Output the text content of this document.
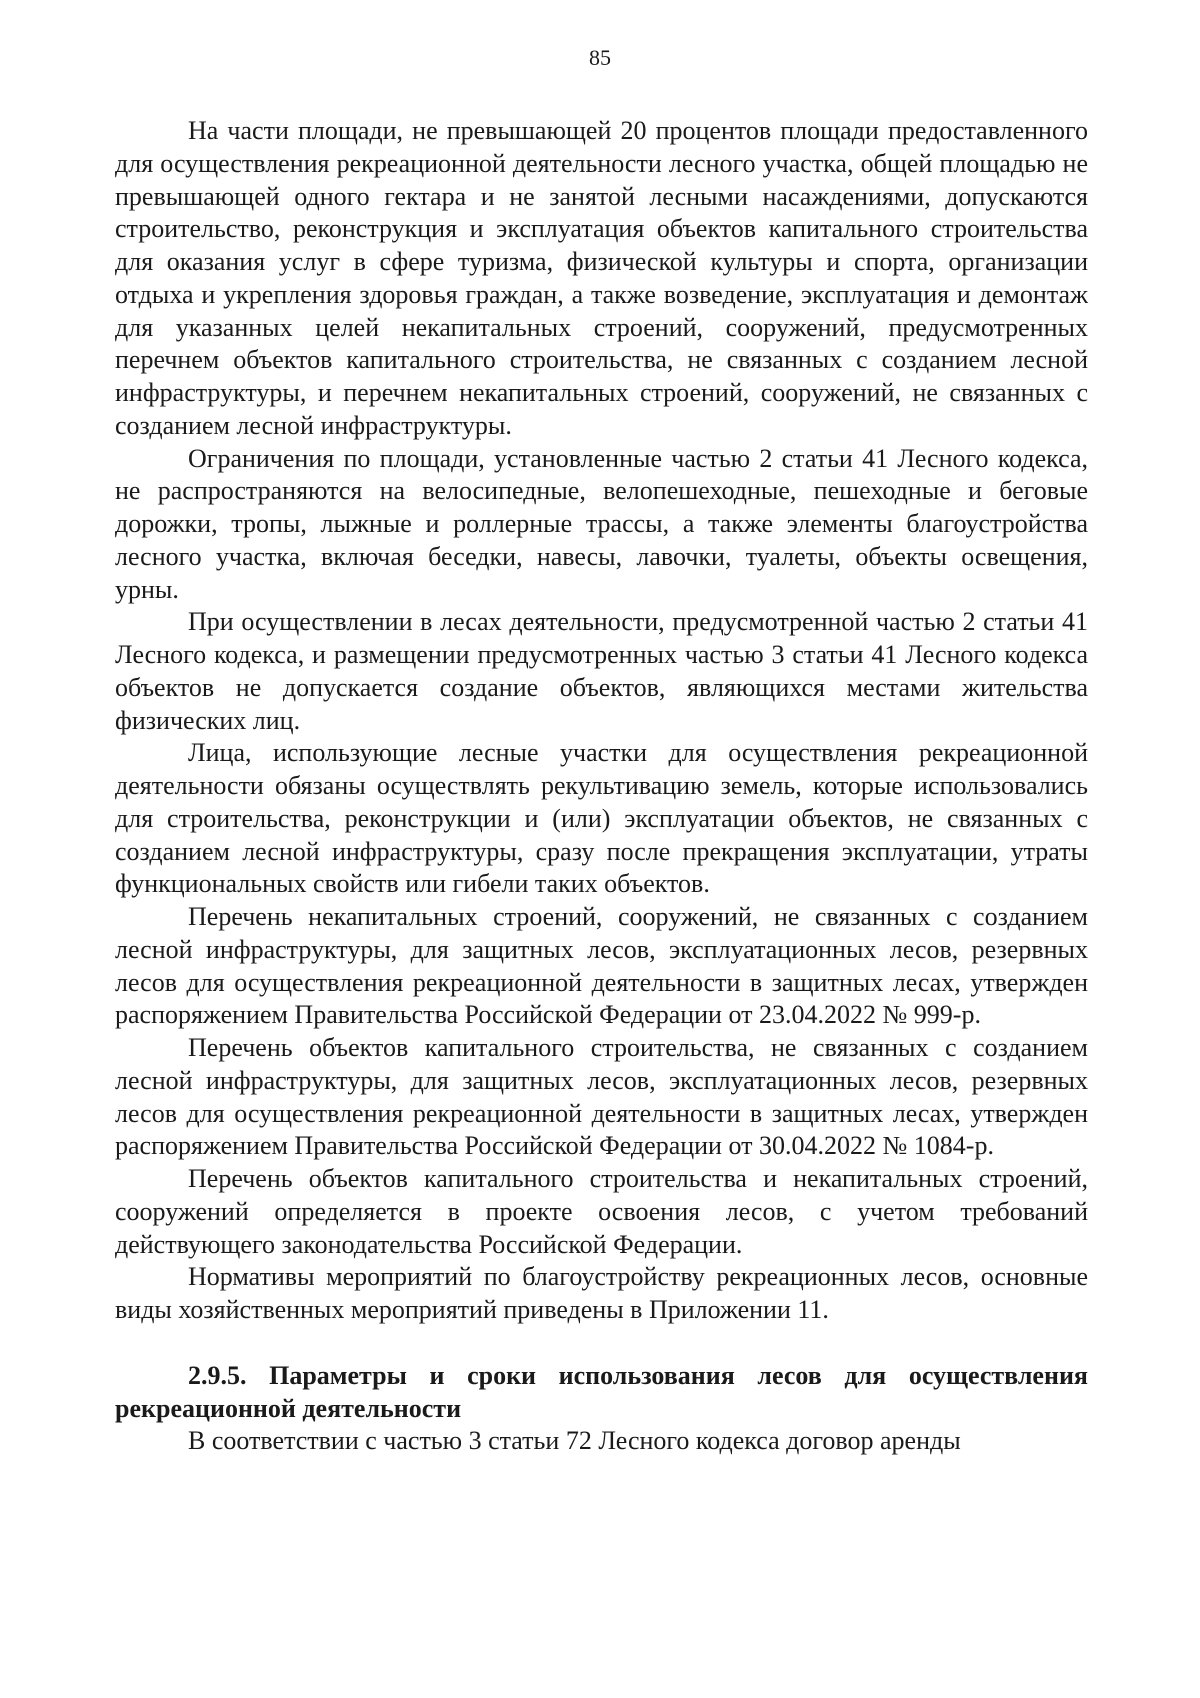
85

На части площади, не превышающей 20 процентов площади предоставленного для осуществления рекреационной деятельности лесного участка, общей площадью не превышающей одного гектара и не занятой лесными насаждениями, допускаются строительство, реконструкция и эксплуатация объектов капитального строительства для оказания услуг в сфере туризма, физической культуры и спорта, организации отдыха и укрепления здоровья граждан, а также возведение, эксплуатация и демонтаж для указанных целей некапитальных строений, сооружений, предусмотренных перечнем объектов капитального строительства, не связанных с созданием лесной инфраструктуры, и перечнем некапитальных строений, сооружений, не связанных с созданием лесной инфраструктуры.

Ограничения по площади, установленные частью 2 статьи 41 Лесного кодекса, не распространяются на велосипедные, велопешеходные, пешеходные и беговые дорожки, тропы, лыжные и роллерные трассы, а также элементы благоустройства лесного участка, включая беседки, навесы, лавочки, туалеты, объекты освещения, урны.

При осуществлении в лесах деятельности, предусмотренной частью 2 статьи 41 Лесного кодекса, и размещении предусмотренных частью 3 статьи 41 Лесного кодекса объектов не допускается создание объектов, являющихся местами жительства физических лиц.

Лица, использующие лесные участки для осуществления рекреационной деятельности обязаны осуществлять рекультивацию земель, которые использовались для строительства, реконструкции и (или) эксплуатации объектов, не связанных с созданием лесной инфраструктуры, сразу после прекращения эксплуатации, утраты функциональных свойств или гибели таких объектов.

Перечень некапитальных строений, сооружений, не связанных с созданием лесной инфраструктуры, для защитных лесов, эксплуатационных лесов, резервных лесов для осуществления рекреационной деятельности в защитных лесах, утвержден распоряжением Правительства Российской Федерации от 23.04.2022 № 999-р.

Перечень объектов капитального строительства, не связанных с созданием лесной инфраструктуры, для защитных лесов, эксплуатационных лесов, резервных лесов для осуществления рекреационной деятельности в защитных лесах, утвержден распоряжением Правительства Российской Федерации от 30.04.2022 № 1084-р.

Перечень объектов капитального строительства и некапитальных строений, сооружений определяется в проекте освоения лесов, с учетом требований действующего законодательства Российской Федерации.

Нормативы мероприятий по благоустройству рекреационных лесов, основные виды хозяйственных мероприятий приведены в Приложении 11.

2.9.5. Параметры и сроки использования лесов для осуществления рекреационной деятельности

В соответствии с частью 3 статьи 72 Лесного кодекса договор аренды
